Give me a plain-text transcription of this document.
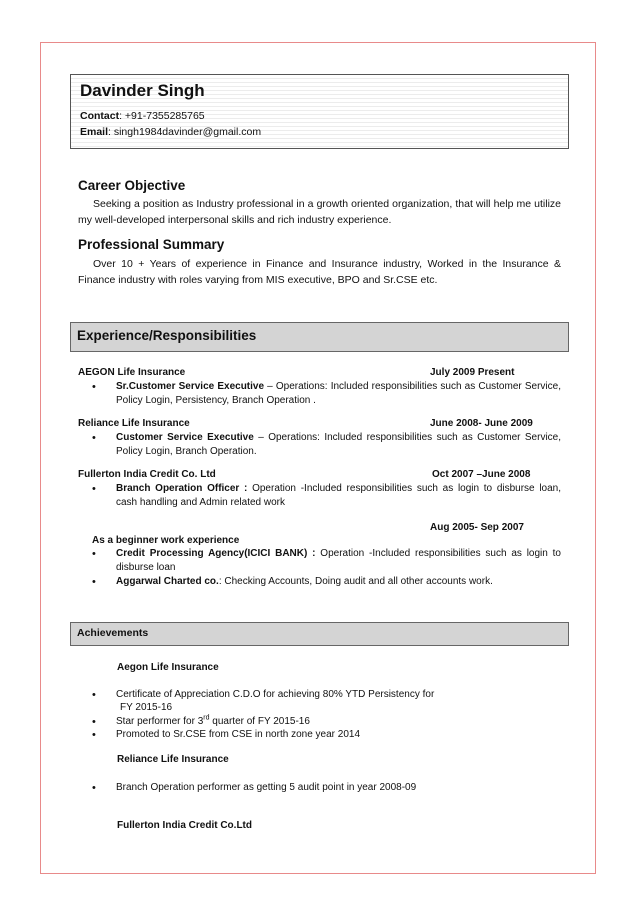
Davinder Singh
Contact: +91-7355285765
Email: singh1984davinder@gmail.com
Career Objective

Seeking a position as Industry professional in a growth oriented organization, that will help me utilize my well-developed interpersonal skills and rich industry experience.

Professional Summary

Over 10 + Years of experience in Finance and Insurance industry, Worked in the Insurance & Finance industry with roles varying from MIS executive, BPO and Sr.CSE etc.

Experience/Responsibilities
AEGON Life Insurance	July 2009 Present
• Sr.Customer Service Executive – Operations: Included responsibilities such as Customer Service, Policy Login, Persistency, Branch Operation .
Reliance Life Insurance	June 2008- June 2009
• Customer Service Executive – Operations: Included responsibilities such as Customer Service, Policy Login, Branch Operation.
Fullerton India Credit Co. Ltd	Oct 2007 –June 2008
• Branch Operation Officer : Operation -Included responsibilities such as login to disburse loan, cash handling and Admin related work
Aug 2005- Sep 2007
As a beginner work experience
• Credit Processing Agency(ICICI BANK) : Operation -Included responsibilities such as login to disburse loan
• Aggarwal Charted co.: Checking Accounts, Doing audit and all other accounts work.
Achievements
Aegon Life Insurance
• Certificate of Appreciation C.D.O for achieving 80% YTD Persistency for
FY 2015-16
• Star performer for 3rd quarter of FY 2015-16
• Promoted to Sr.CSE from CSE in north zone year 2014
Reliance Life Insurance
• Branch Operation performer as getting 5 audit point in year 2008-09
Fullerton India Credit Co.Ltd
